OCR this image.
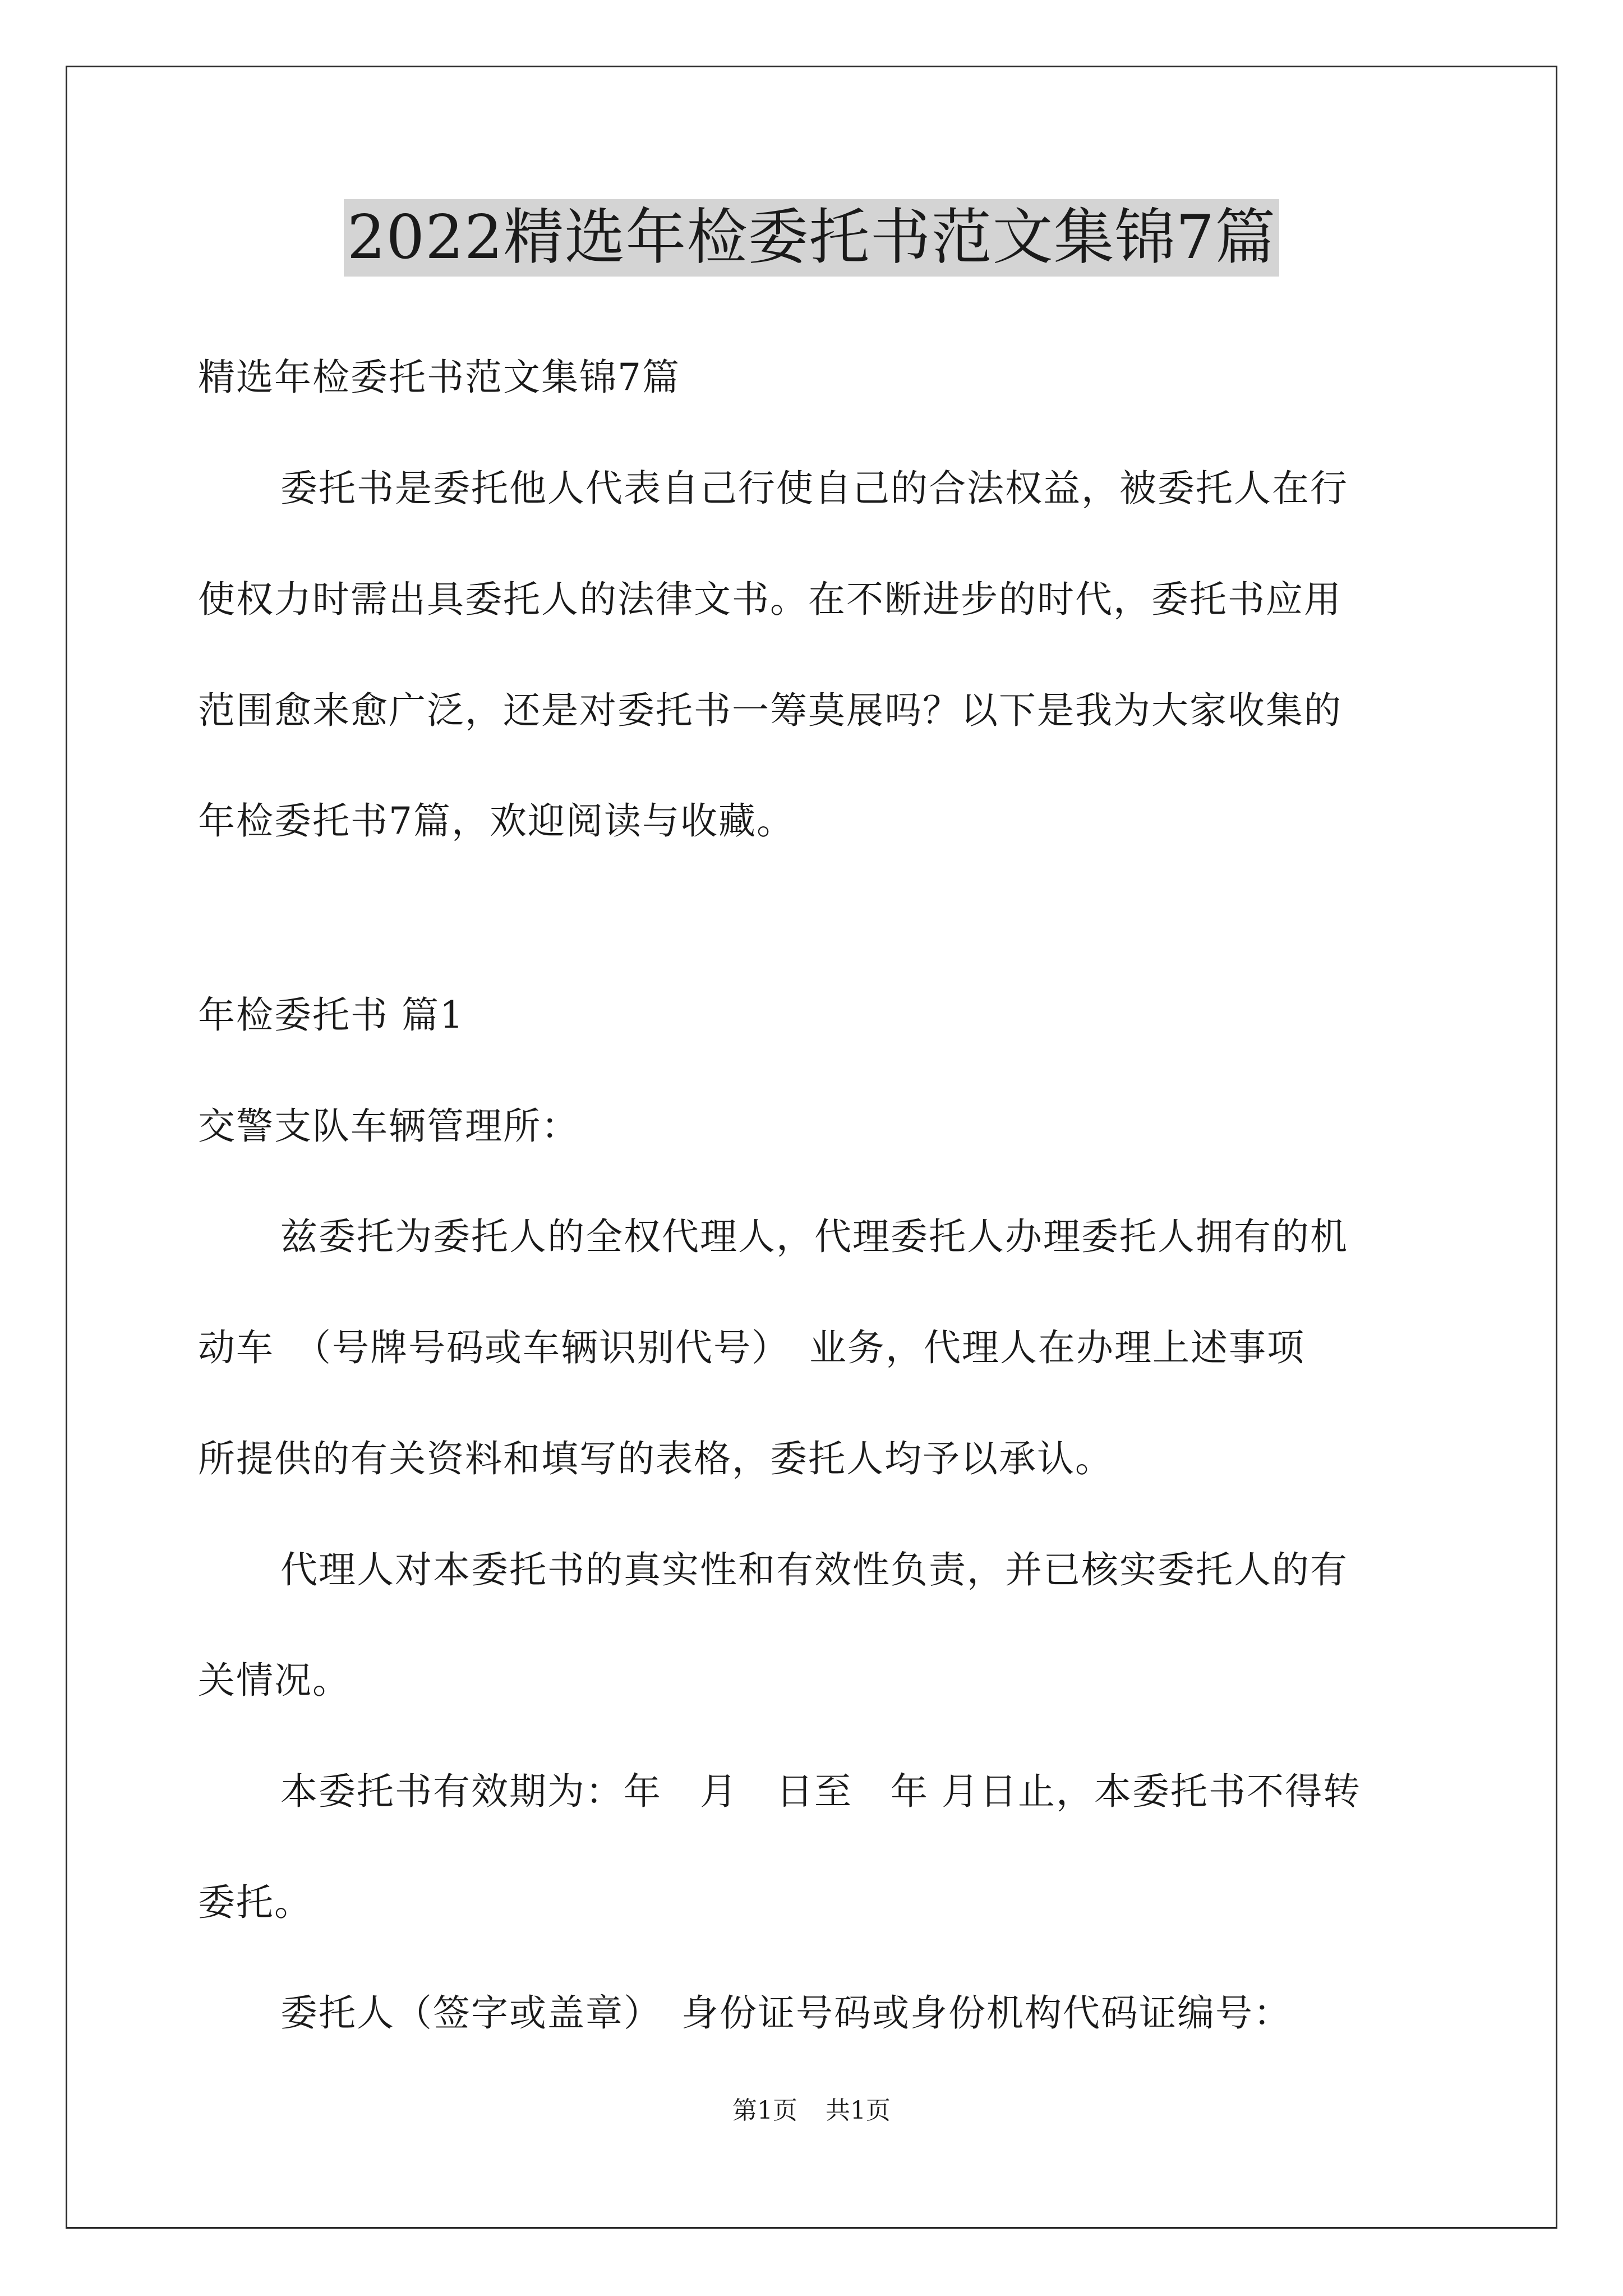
2022精选年检委托书范文集锦7篇
精选年检委托书范文集锦7篇
委托书是委托他人代表自己行使自己的合法权益，被委托人在行
使权力时需出具委托人的法律文书。在不断进步的时代，委托书应用
范围愈来愈广泛，还是对委托书一筹莫展吗？以下是我为大家收集的
年检委托书7篇，欢迎阅读与收藏。
年检委托书 篇1
交警支队车辆管理所：
兹委托为委托人的全权代理人，代理委托人办理委托人拥有的机
动车　（号牌号码或车辆识别代号）　业务，代理人在办理上述事项
所提供的有关资料和填写的表格，委托人均予以承认。
代理人对本委托书的真实性和有效性负责，并已核实委托人的有
关情况。
本委托书有效期为：年　月　日至　年 月日止，本委托书不得转
委托。
委托人（签字或盖章）　身份证号码或身份机构代码证编号：
第1页 共1页
